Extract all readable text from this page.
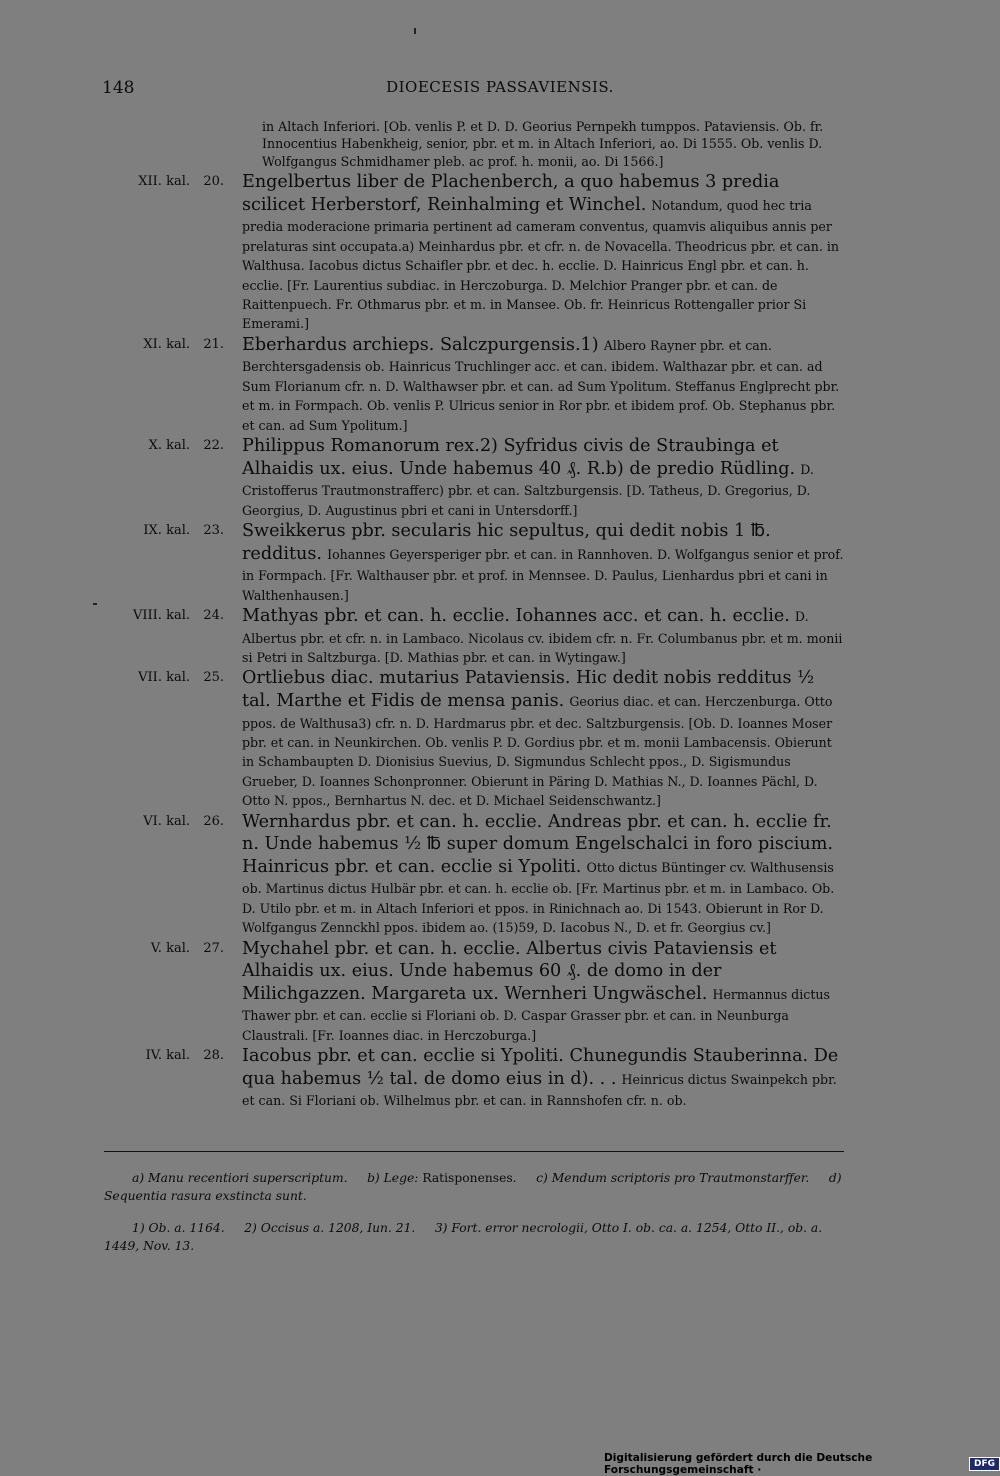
148	DIOECESIS PASSAVIENSIS.
in Altach Inferiori. [Ob. venlis P. et D. D. Georius Pernpekh tumppos. Pataviensis. Ob. fr. Innocentius Habenkheig, senior, pbr. et m. in Altach Inferiori, ao. Di 1555. Ob. venlis D. Wolfgangus Schmidhamer pleb. ac prof. h. monii, ao. Di 1566.]
XII. kal. 20. Engelbertus liber de Plachenberch, a quo habemus 3 predia scilicet Herberstorf, Reinhalming et Winchel. Notandum, quod hec tria predia moderacione primaria pertinent ad cameram conventus, quamvis aliquibus annis per prelaturas sint occupata.a) Meinhardus pbr. et cfr. n. de Novacella. Theodricus pbr. et can. in Walthusa. Iacobus dictus Schaifler pbr. et dec. h. ecclie. D. Hainricus Engl pbr. et can. h. ecclie. [Fr. Laurentius subdiac. in Herczoburga. D. Melchior Pranger pbr. et can. de Raittenpuech. Fr. Othmarus pbr. et m. in Mansee. Ob. fr. Heinricus Rottengaller prior Si Emerami.]
XI. kal. 21. Eberhardus archieps. Salczpurgensis.1) Albero Rayner pbr. et can. Berchtersgadensis ob. Hainricus Truchlinger acc. et can. ibidem. Walthazar pbr. et can. ad Sum Florianum cfr. n. D. Walthawser pbr. et can. ad Sum Ypolitum. Steffanus Englprecht pbr. et m. in Formpach. Ob. venlis P. Ulricus senior in Ror pbr. et ibidem prof. Ob. Stephanus pbr. et can. ad Sum Ypolitum.]
X. kal. 22. Philippus Romanorum rex.2) Syfridus civis de Straubinga et Alhaidis ux. eius. Unde habemus 40 ₰. R.b) de predio Rüdling. D. Cristofferus Trautmonstrafferc) pbr. et can. Saltzburgensis. [D. Tatheus, D. Gregorius, D. Georgius, D. Augustinus pbri et cani in Untersdorff.]
IX. kal. 23. Sweikkerus pbr. secularis hic sepultus, qui dedit nobis 1 ℔. redditus. Iohannes Geyersperiger pbr. et can. in Rannhoven. D. Wolfgangus senior et prof. in Formpach. [Fr. Walthauser pbr. et prof. in Mennsee. D. Paulus, Lienhardus pbri et cani in Walthenhausen.]
VIII. kal. 24. Mathyas pbr. et can. h. ecclie. Iohannes acc. et can. h. ecclie. D. Albertus pbr. et cfr. n. in Lambaco. Nicolaus cv. ibidem cfr. n. Fr. Columbanus pbr. et m. monii si Petri in Saltzburga. [D. Mathias pbr. et can. in Wytingaw.]
VII. kal. 25. Ortliebus diac. mutarius Pataviensis. Hic dedit nobis redditus ½ tal. Marthe et Fidis de mensa panis. Georius diac. et can. Herczenburga. Otto ppos. de Walthusa3) cfr. n. D. Hardmarus pbr. et dec. Saltzburgensis. [Ob. D. Ioannes Moser pbr. et can. in Neunkirchen. Ob. venlis P. D. Gordius pbr. et m. monii Lambacensis. Obierunt in Schambaupten D. Dionisius Suevius, D. Sigmundus Schlecht ppos., D. Sigismundus Grueber, D. Ioannes Schonpronner. Obierunt in Päring D. Mathias N., D. Ioannes Pächl, D. Otto N. ppos., Bernhartus N. dec. et D. Michael Seidenschwantz.]
VI. kal. 26. Wernhardus pbr. et can. h. ecclie. Andreas pbr. et can. h. ecclie fr. n. Unde habemus ½ ℔ super domum Engelschalci in foro piscium. Hainricus pbr. et can. ecclie si Ypoliti. Otto dictus Büntinger cv. Walthusensis ob. Martinus dictus Hulbär pbr. et can. h. ecclie ob. [Fr. Martinus pbr. et m. in Lambaco. Ob. D. Utilo pbr. et m. in Altach Inferiori et ppos. in Rinichnach ao. Di 1543. Obierunt in Ror D. Wolfgangus Zennckhl ppos. ibidem ao. (15)59, D. Iacobus N., D. et fr. Georgius cv.]
V. kal. 27. Mychahel pbr. et can. h. ecclie. Albertus civis Pataviensis et Alhaidis ux. eius. Unde habemus 60 ₰. de domo in der Milichgazzen. Margareta ux. Wernheri Ungwäschel. Hermannus dictus Thawer pbr. et can. ecclie si Floriani ob. D. Caspar Grasser pbr. et can. in Neunburga Claustrali. [Fr. Ioannes diac. in Herczoburga.]
IV. kal. 28. Iacobus pbr. et can. ecclie si Ypoliti. Chunegundis Stauberinna. De qua habemus ½ tal. de domo eius in d). . . Heinricus dictus Swainpekch pbr. et can. Si Floriani ob. Wilhelmus pbr. et can. in Rannshofen cfr. n. ob.

a) Manu recentiori superscriptum. b) Lege: Ratisponenses. c) Mendum scriptoris pro Trautmonstarffer. d) Sequentia rasura exstincta sunt.

1) Ob. a. 1164. 2) Occisus a. 1208, Iun. 21. 3) Fort. error necrologii, Otto I. ob. ca. a. 1254, Otto II., ob. a. 1449, Nov. 13.

Digitalisierung gefördert durch die Deutsche Forschungsgemeinschaft ·	DFG
